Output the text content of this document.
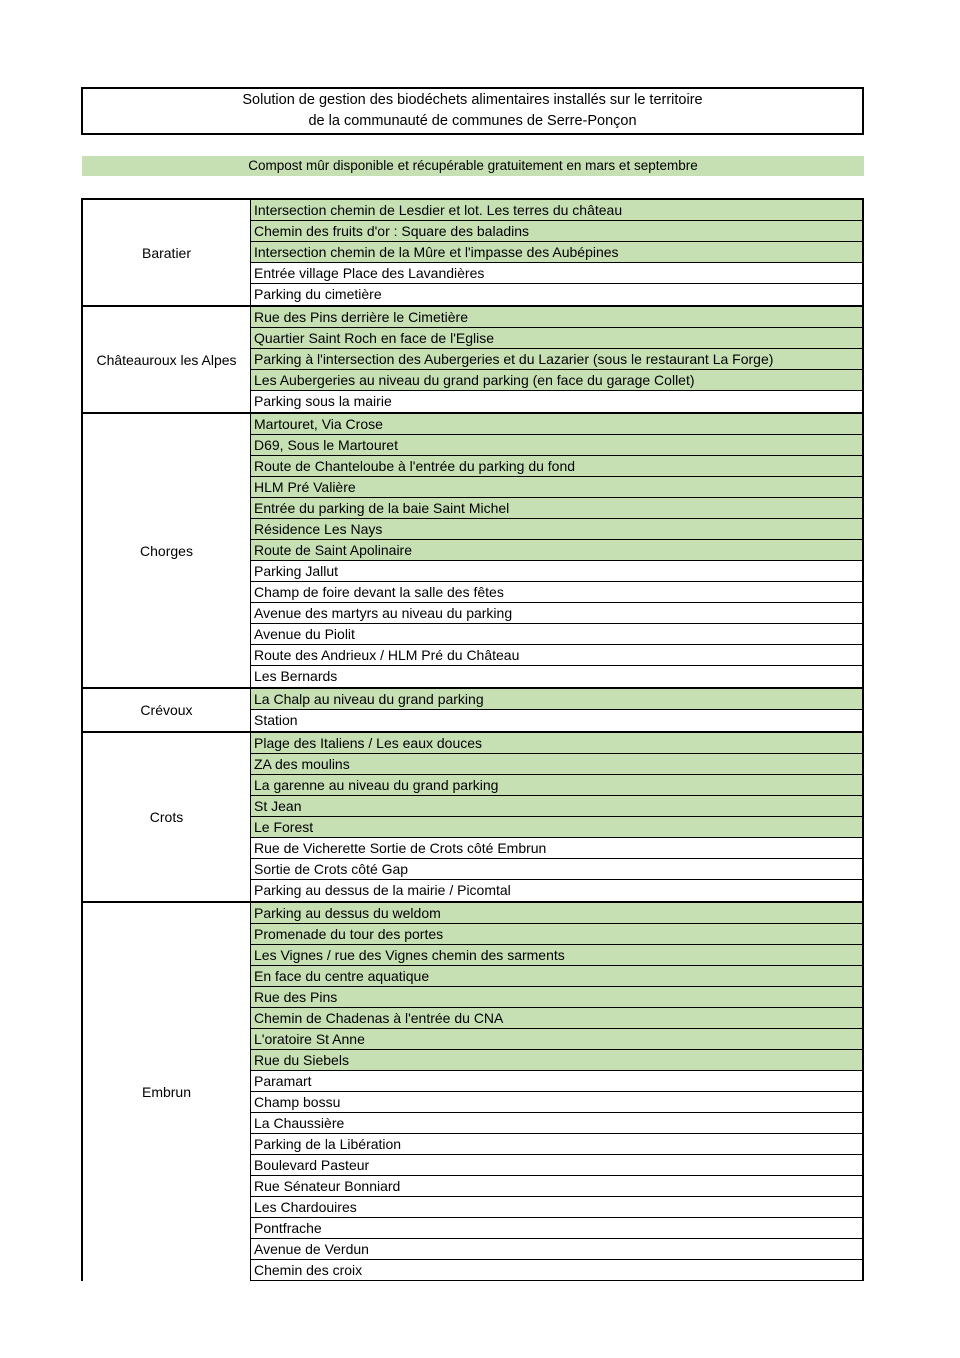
Solution de gestion des biodéchets alimentaires installés sur le territoire
de la communauté de communes de Serre-Ponçon
Compost mûr disponible et récupérable gratuitement en mars et septembre
Baratier
Intersection chemin de Lesdier et lot. Les terres du château
Chemin des fruits d'or : Square des baladins
Intersection chemin de la Mûre et l'impasse des Aubépines
Entrée village Place des Lavandières
Parking du cimetière
Châteauroux les Alpes
Rue des Pins derrière le Cimetière
Quartier Saint Roch en face de l'Eglise
Parking à l'intersection des Aubergeries et du Lazarier (sous le restaurant La Forge)
Les Aubergeries au niveau du grand parking (en face du garage Collet)
Parking sous la mairie
Chorges
Martouret, Via Crose
D69, Sous le Martouret
Route de Chanteloube à l'entrée du parking du fond
HLM Pré Valière
Entrée du parking de la baie Saint Michel
Résidence Les Nays
Route de Saint Apolinaire
Parking Jallut
Champ de foire devant la salle des fêtes
Avenue des martyrs au niveau du parking
Avenue du Piolit
Route des Andrieux / HLM Pré du Château
Les Bernards
Crévoux
La Chalp au niveau du grand parking
Station
Crots
Plage des Italiens / Les eaux douces
ZA des moulins
La garenne au niveau du grand parking
St Jean
Le Forest
Rue de Vicherette Sortie de Crots côté Embrun
Sortie de Crots côté Gap
Parking au dessus de la mairie / Picomtal
Embrun
Parking au dessus du weldom
Promenade du tour des portes
Les Vignes / rue des Vignes chemin des sarments
En face du centre aquatique
Rue des Pins
Chemin de Chadenas à l'entrée du CNA
L'oratoire St Anne
Rue du Siebels
Paramart
Champ bossu
La Chaussière
Parking de la Libération
Boulevard Pasteur
Rue Sénateur Bonniard
Les Chardouires
Pontfrache
Avenue de Verdun
Chemin des croix
